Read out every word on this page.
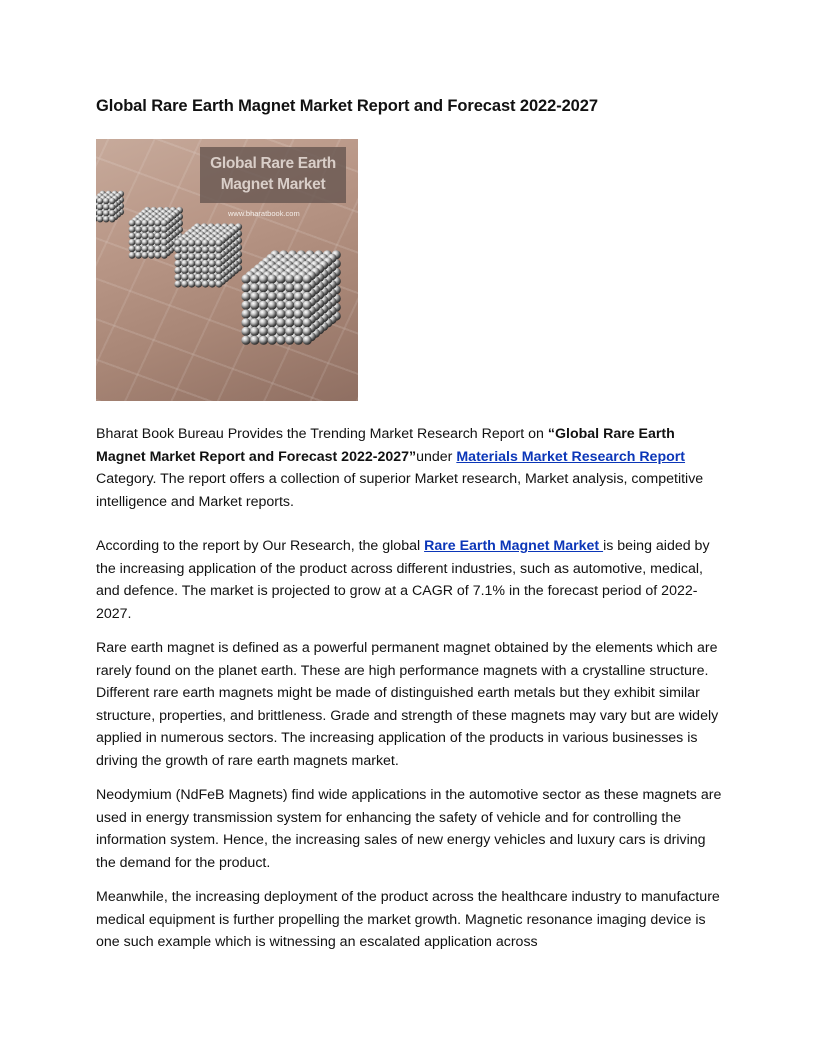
Global Rare Earth Magnet Market Report and Forecast 2022-2027
Global Rare Earth
Magnet Market
www.bharatbook.com

Bharat Book Bureau Provides the Trending Market Research Report on “Global Rare Earth Magnet Market Report and Forecast 2022-2027”under Materials Market Research Report Category. The report offers a collection of superior Market research, Market analysis, competitive intelligence and Market reports.

According to the report by Our Research, the global Rare Earth Magnet Market is being aided by the increasing application of the product across different industries, such as automotive, medical, and defence. The market is projected to grow at a CAGR of 7.1% in the forecast period of 2022-2027.

Rare earth magnet is defined as a powerful permanent magnet obtained by the elements which are rarely found on the planet earth. These are high performance magnets with a crystalline structure. Different rare earth magnets might be made of distinguished earth metals but they exhibit similar structure, properties, and brittleness. Grade and strength of these magnets may vary but are widely applied in numerous sectors. The increasing application of the products in various businesses is driving the growth of rare earth magnets market.

Neodymium (NdFeB Magnets) find wide applications in the automotive sector as these magnets are used in energy transmission system for enhancing the safety of vehicle and for controlling the information system. Hence, the increasing sales of new energy vehicles and luxury cars is driving the demand for the product.

Meanwhile, the increasing deployment of the product across the healthcare industry to manufacture medical equipment is further propelling the market growth. Magnetic resonance imaging device is one such example which is witnessing an escalated application across
